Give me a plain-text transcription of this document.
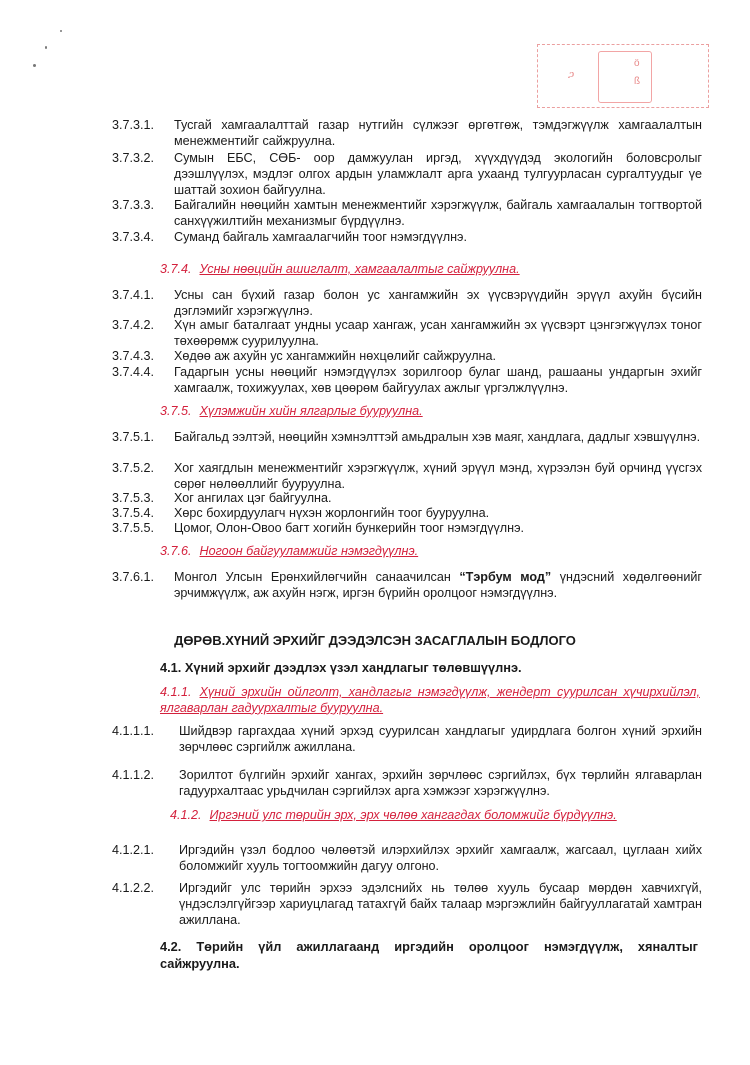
ጋ
ö
ß
3.7.3.1.	Тусгай хамгаалалттай газар нутгийн сүлжээг өргөтгөж, тэмдэгжүүлж хамгаалалтын менежментийг сайжруулна.
3.7.3.2.	Сумын ЕБС, СӨБ- оор дамжуулан иргэд, хүүхдүүдэд экологийн боловсролыг дээшлүүлэх, мэдлэг олгох ардын уламжлалт арга ухаанд тулгуурласан сургалтуудыг үе шаттай зохион байгуулна.
3.7.3.3.	Байгалийн нөөцийн хамтын менежментийг хэрэгжүүлж, байгаль хамгаалалын тогтвортой санхүүжилтийн механизмыг бүрдүүлнэ.
3.7.3.4.	Суманд байгаль хамгаалагчийн тоог нэмэгдүүлнэ.
3.7.4. Усны нөөцийн ашиглалт, хамгаалалтыг сайжруулна.
3.7.4.1.	Усны сан бүхий газар болон ус хангамжийн эх үүсвэрүүдийн эрүүл ахуйн бүсийн дэглэмийг хэрэгжүүлнэ.
3.7.4.2.	Хүн амыг баталгаат ундны усаар хангаж, усан хангамжийн эх үүсвэрт цэнгэгжүүлэх тоног төхөөрөмж суурилуулна.
3.7.4.3.	Хөдөө аж ахуйн ус хангамжийн нөхцөлийг сайжруулна.
3.7.4.4.	Гадаргын усны нөөцийг нэмэгдүүлэх зорилгоор булаг шанд, рашааны ундаргын эхийг хамгаалж, тохижуулах, хөв цөөрөм байгуулах ажлыг үргэлжлүүлнэ.
3.7.5. Хүлэмжийн хийн ялгарлыг бууруулна.
3.7.5.1.	Байгальд ээлтэй, нөөцийн хэмнэлттэй амьдралын хэв маяг, хандлага, дадлыг хэвшүүлнэ.
3.7.5.2.	Хог хаягдлын менежментийг хэрэгжүүлж, хүний эрүүл мэнд, хүрээлэн буй орчинд үүсгэх сөрөг нөлөөллийг бууруулна.
3.7.5.3.	Хог ангилах цэг байгуулна.
3.7.5.4.	Хөрс бохирдуулагч нүхэн жорлонгийн тоог бууруулна.
3.7.5.5.	Цомог, Олон-Овоо багт хогийн бункерийн тоог нэмэгдүүлнэ.
3.7.6. Ногоон байгууламжийг нэмэгдүүлнэ.
3.7.6.1.	Монгол Улсын Ерөнхийлөгчийн санаачилсан “Тэрбум мод” үндэсний хөдөлгөөнийг эрчимжүүлж, аж ахуйн нэгж, иргэн бүрийн оролцоог нэмэгдүүлнэ.
ДӨРӨВ.ХҮНИЙ ЭРХИЙГ ДЭЭДЭЛСЭН ЗАСАГЛАЛЫН БОДЛОГО
4.1. Хүний эрхийг дээдлэх үзэл хандлагыг төлөвшүүлнэ.
4.1.1. Хүний эрхийн ойлголт, хандлагыг нэмэгдүүлж, жендерт суурилсан хүчирхийлэл, ялгаварлан гадуурхалтыг бууруулна.
4.1.1.1.	Шийдвэр гаргахдаа хүний эрхэд суурилсан хандлагыг удирдлага болгон хүний эрхийн зөрчлөөс сэргийлж ажиллана.
4.1.1.2.	Зорилтот бүлгийн эрхийг хангах, эрхийн зөрчлөөс сэргийлэх, бүх төрлийн ялгаварлан гадуурхалтаас урьдчилан сэргийлэх арга хэмжээг хэрэгжүүлнэ.
4.1.2. Иргэний улс төрийн эрх, эрх чөлөө хангагдах боломжийг бүрдүүлнэ.
4.1.2.1.	Иргэдийн үзэл бодлоо чөлөөтэй илэрхийлэх эрхийг хамгаалж, жагсаал, цуглаан хийх боломжийг хууль тогтоомжийн дагуу олгоно.
4.1.2.2.	Иргэдийг улс төрийн эрхээ эдэлснийх нь төлөө хууль бусаар мөрдөн хавчихгүй, үндэслэлгүйгээр хариуцлагад татахгүй байх талаар мэргэжлийн байгууллагатай хамтран ажиллана.
4.2. Төрийн үйл ажиллагаанд иргэдийн оролцоог нэмэгдүүлж, хяналтыг сайжруулна.
